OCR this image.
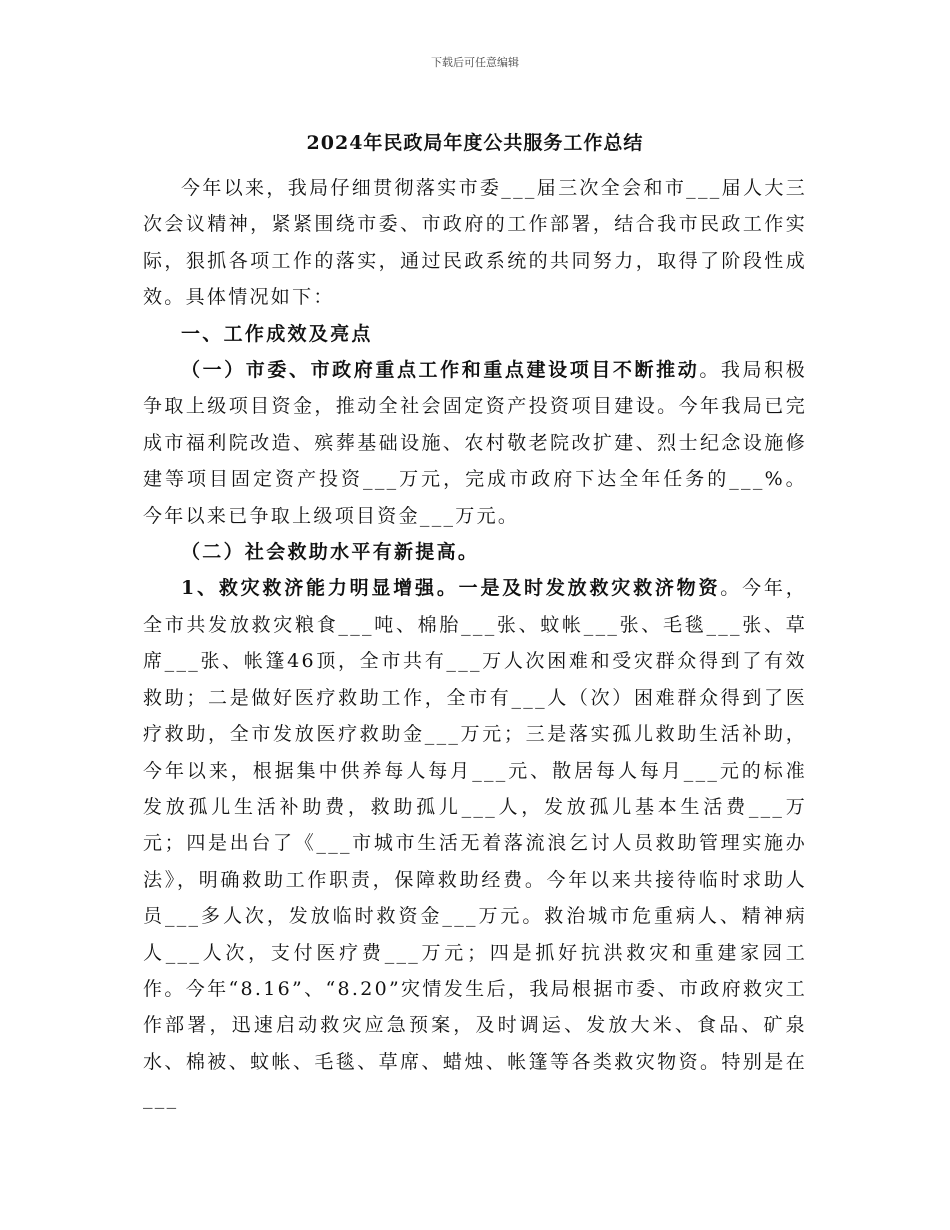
下载后可任意编辑
2024年民政局年度公共服务工作总结

今年以来，我局仔细贯彻落实市委___届三次全会和市___届人大三次会议精神，紧紧围绕市委、市政府的工作部署，结合我市民政工作实际，狠抓各项工作的落实，通过民政系统的共同努力，取得了阶段性成效。具体情况如下：

一、工作成效及亮点

（一）市委、市政府重点工作和重点建设项目不断推动。我局积极争取上级项目资金，推动全社会固定资产投资项目建设。今年我局已完成市福利院改造、殡葬基础设施、农村敬老院改扩建、烈士纪念设施修建等项目固定资产投资___万元，完成市政府下达全年任务的___%。今年以来已争取上级项目资金___万元。

（二）社会救助水平有新提高。

1、救灾救济能力明显增强。一是及时发放救灾救济物资。今年，全市共发放救灾粮食___吨、棉胎___张、蚊帐___张、毛毯___张、草席___张、帐篷46顶，全市共有___万人次困难和受灾群众得到了有效救助；二是做好医疗救助工作，全市有___人（次）困难群众得到了医疗救助，全市发放医疗救助金___万元；三是落实孤儿救助生活补助，今年以来，根据集中供养每人每月___元、散居每人每月___元的标准发放孤儿生活补助费，救助孤儿___人，发放孤儿基本生活费___万元；四是出台了《___市城市生活无着落流浪乞讨人员救助管理实施办法》，明确救助工作职责，保障救助经费。今年以来共接待临时求助人员___多人次，发放临时救资金___万元。救治城市危重病人、精神病人___人次，支付医疗费___万元；四是抓好抗洪救灾和重建家园工作。今年“8.16”、“8.20”灾情发生后，我局根据市委、市政府救灾工作部署，迅速启动救灾应急预案，及时调运、发放大米、食品、矿泉水、棉被、蚊帐、毛毯、草席、蜡烛、帐篷等各类救灾物资。特别是在___
